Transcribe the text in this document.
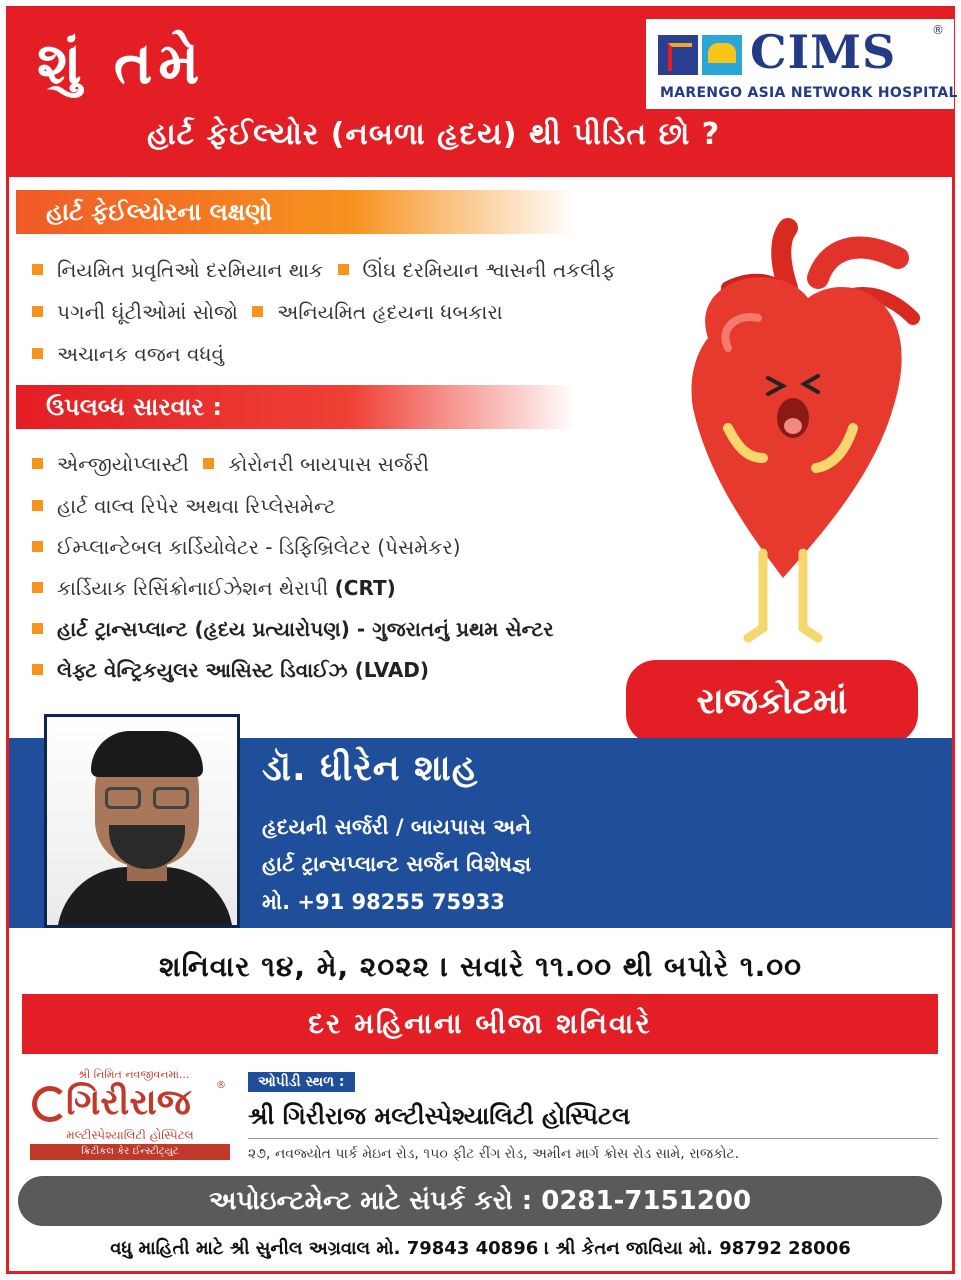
શું તમે
હાર્ટ ફેઈલ્યોર (નબળા હૃદય) થી પીડિત છો ?
CIMS	®
MARENGO ASIA NETWORK HOSPITAL
હાર્ટ ફેઈલ્યોરના લક્ષણો
નિયમિત પ્રવૃતિઓ દરમિયાન થાક ઊંઘ દરમિયાન શ્વાસની તકલીફ
પગની ઘૂંટીઓમાં સોજો અનિયમિત હૃદયના ધબકારા
અચાનક વજન વધવું
ઉપલબ્ધ સારવાર :
એન્જીયોપ્લાસ્ટી કોરોનરી બાયપાસ સર્જરી
હાર્ટ વાલ્વ રિપેર અથવા રિપ્લેસમેન્ટ
ઈમ્પ્લાન્ટેબલ કાર્ડિયોવેટર - ડિફિબ્રિલેટર (પેસમેકર)
કાર્ડિયાક રિસિંક્રોનાઈઝેશન થેરાપી (CRT)
હાર્ટ ટ્રાન્સપ્લાન્ટ (હૃદય પ્રત્યારોપણ) - ગુજરાતનું પ્રથમ સેન્ટર
લેફ્ટ વેન્ટ્રિકયુલર આસિસ્ટ ડિવાઈઝ (LVAD)
રાજકોટમાં
ડૉ. ધીરેન શાહ
હૃદયની સર્જરી / બાયપાસ અને
હાર્ટ ટ્રાન્સપ્લાન્ટ સર્જન વિશેષજ્ઞ
મો. +91 98255 75933
શનિવાર ૧૪, મે, ૨૦૨૨ । સવારે ૧૧.૦૦ થી બપોરે ૧.૦૦
દર મહિનાના બીજા શનિવારે
શ્રી નિમિત નવજીવનમાં...
®
ગિરીરાજ
મલ્ટીસ્પેશ્યાલિટી હોસ્પિટલ
ક્રિટીકલ કેર ઈન્સ્ટીટ્યુટ
ઓપીડી સ્થળ :
શ્રી ગિરીરાજ મલ્ટીસ્પેશ્યાલિટી હોસ્પિટલ
૨૭, નવજ્યોત પાર્ક મેઇન રોડ, ૧૫૦ ફીટ રીંગ રોડ, અમીન માર્ગ ક્રોસ રોડ સામે, રાજકોટ.
અપોઇન્ટમેન્ટ માટે સંપર્ક કરો : 0281-7151200
વધુ માહિતી માટે શ્રી સુનીલ અગ્રવાલ મો. 79843 40896 । શ્રી કેતન જાવિયા મો. 98792 28006
